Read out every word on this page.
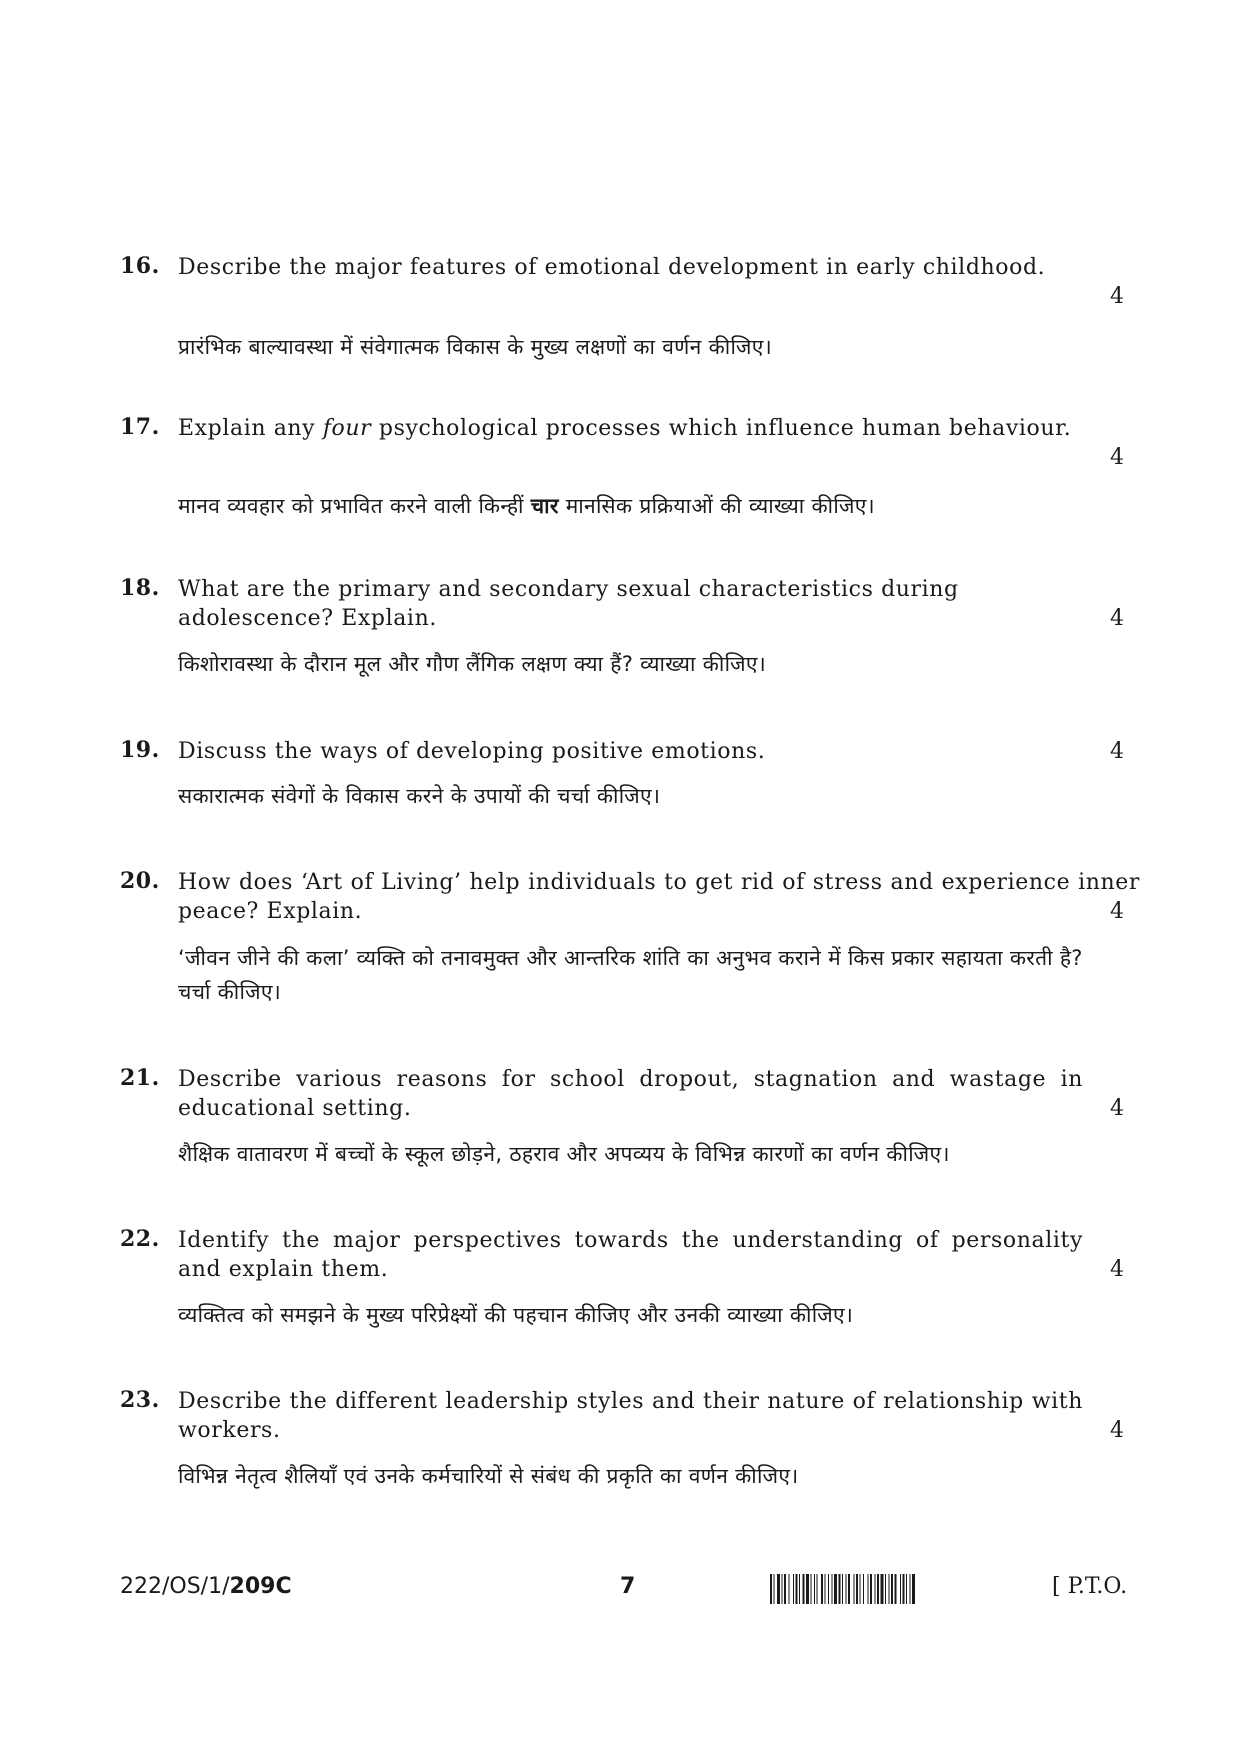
16. Describe the major features of emotional development in early childhood.
4
प्रारंभिक बाल्यावस्था में संवेगात्मक विकास के मुख्य लक्षणों का वर्णन कीजिए।
17. Explain any four psychological processes which influence human behaviour.
4
मानव व्यवहार को प्रभावित करने वाली किन्हीं चार मानसिक प्रक्रियाओं की व्याख्या कीजिए।
18. What are the primary and secondary sexual characteristics during adolescence? Explain.	4
किशोरावस्था के दौरान मूल और गौण लैंगिक लक्षण क्या हैं? व्याख्या कीजिए।
19. Discuss the ways of developing positive emotions.	4
सकारात्मक संवेगों के विकास करने के उपायों की चर्चा कीजिए।
20. How does ‘Art of Living’ help individuals to get rid of stress and experience inner peace? Explain.	4
‘जीवन जीने की कला’ व्यक्ति को तनावमुक्त और आन्तरिक शांति का अनुभव कराने में किस प्रकार सहायता करती है? चर्चा कीजिए।
21. Describe various reasons for school dropout, stagnation and wastage in educational setting.	4
शैक्षिक वातावरण में बच्चों के स्कूल छोड़ने, ठहराव और अपव्यय के विभिन्न कारणों का वर्णन कीजिए।
22. Identify the major perspectives towards the understanding of personality and explain them.	4
व्यक्तित्व को समझने के मुख्य परिप्रेक्ष्यों की पहचान कीजिए और उनकी व्याख्या कीजिए।
23. Describe the different leadership styles and their nature of relationship with workers.	4
विभिन्न नेतृत्व शैलियाँ एवं उनके कर्मचारियों से संबंध की प्रकृति का वर्णन कीजिए।
222/OS/1/209C	7	[ P.T.O.
